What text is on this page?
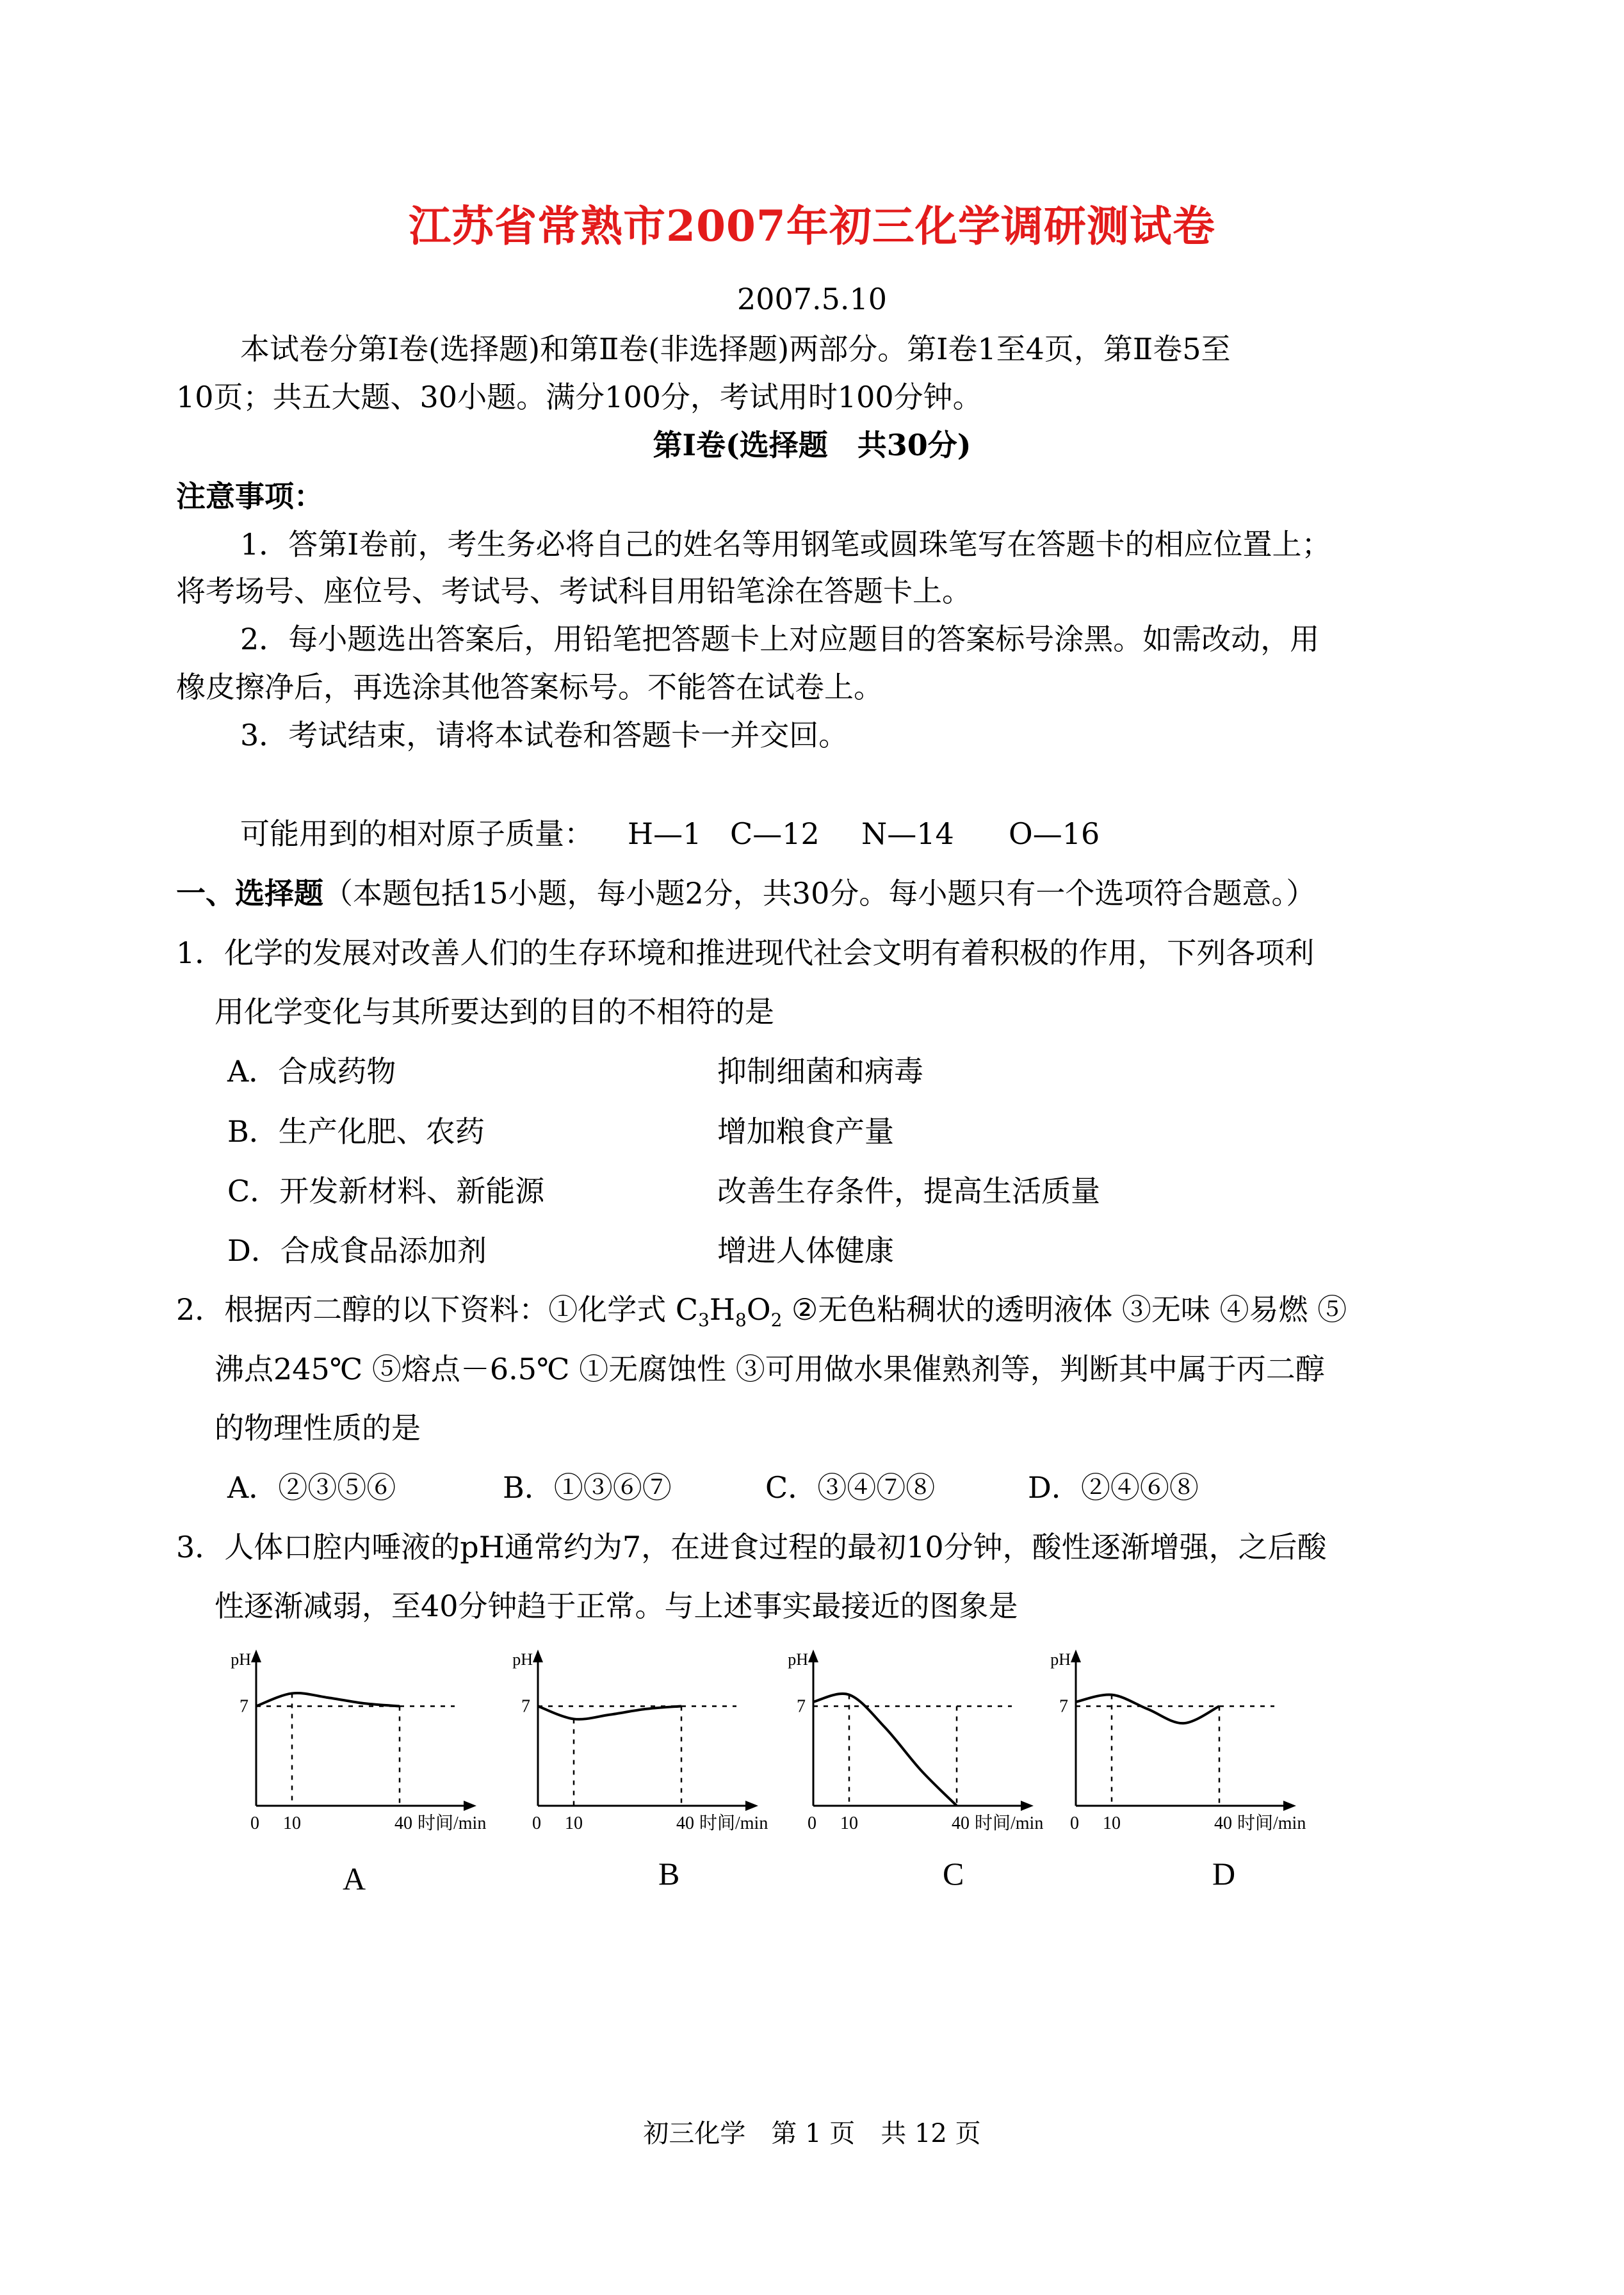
江苏省常熟市2007年初三化学调研测试卷
2007.5.10
本试卷分第Ⅰ卷(选择题)和第Ⅱ卷(非选择题)两部分。第Ⅰ卷1至4页，第Ⅱ卷5至
10页；共五大题、30小题。满分100分，考试用时100分钟。
第Ⅰ卷(选择题　共30分)
注意事项：
1．答第Ⅰ卷前，考生务必将自己的姓名等用钢笔或圆珠笔写在答题卡的相应位置上；
将考场号、座位号、考试号、考试科目用铅笔涂在答题卡上。
2．每小题选出答案后，用铅笔把答题卡上对应题目的答案标号涂黑。如需改动，用
橡皮擦净后，再选涂其他答案标号。不能答在试卷上。
3．考试结束，请将本试卷和答题卡一并交回。
可能用到的相对原子质量： H—1 C—12 N—14 O—16
一、选择题（本题包括15小题，每小题2分，共30分。每小题只有一个选项符合题意。）
1．化学的发展对改善人们的生存环境和推进现代社会文明有着积极的作用，下列各项利
用化学变化与其所要达到的目的不相符的是
A．合成药物	抑制细菌和病毒
B．生产化肥、农药	增加粮食产量
C．开发新材料、新能源	改善生存条件，提高生活质量
D．合成食品添加剂	增进人体健康
2．根据丙二醇的以下资料：①化学式 $C_3H_8O_2$ ②无色粘稠状的透明液体 ③无味 ④易燃 ⑤
沸点245℃ ⑤熔点－6.5℃ ①无腐蚀性 ③可用做水果催熟剂等，判断其中属于丙二醇
的物理性质的是
A．②③⑤⑥	B．①③⑥⑦	C．③④⑦⑧	D．②④⑥⑧
3．人体口腔内唾液的pH通常约为7，在进食过程的最初10分钟，酸性逐渐增强，之后酸
性逐渐减弱，至40分钟趋于正常。与上述事实最接近的图象是
pH
7
0 10	40 时间/min
pH
7
0 10	40 时间/min
pH
7
0 10	40 时间/min
pH
7
0 10	40 时间/min
A	B	C	D
初三化学　第 1 页　共 12 页
